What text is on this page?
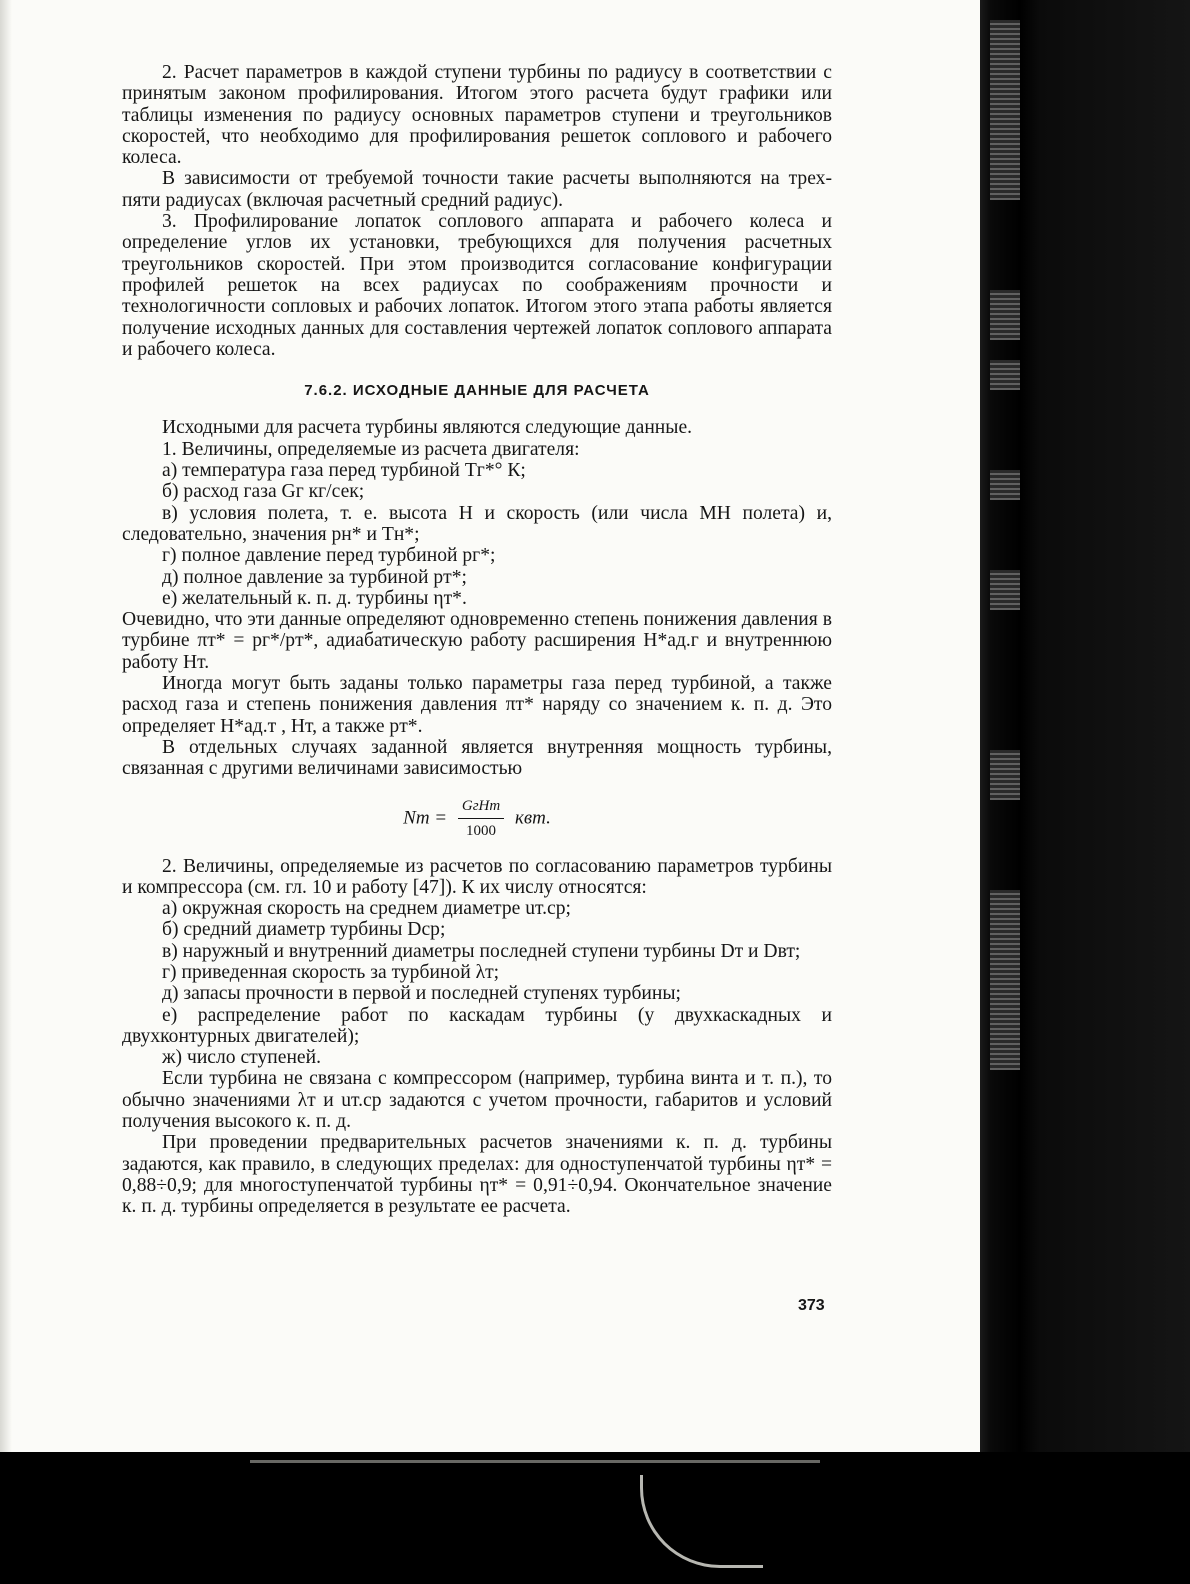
2. Расчет параметров в каждой ступени турбины по радиусу в соответствии с принятым законом профилирования. Итогом этого расчета будут графики или таблицы изменения по радиусу основных параметров ступени и треугольников скоростей, что необходимо для профилирования решеток соплового и рабочего колеса.

В зависимости от требуемой точности такие расчеты выполняются на трех-пяти радиусах (включая расчетный средний радиус).

3. Профилирование лопаток соплового аппарата и рабочего колеса и определение углов их установки, требующихся для получения расчетных треугольников скоростей. При этом производится согласование конфигурации профилей решеток на всех радиусах по соображениям прочности и технологичности сопловых и рабочих лопаток. Итогом этого этапа работы является получение исходных данных для составления чертежей лопаток соплового аппарата и рабочего колеса.

7.6.2. ИСХОДНЫЕ ДАННЫЕ ДЛЯ РАСЧЕТА

Исходными для расчета турбины являются следующие данные.

1. Величины, определяемые из расчета двигателя:

а) температура газа перед турбиной Tг*° К;

б) расход газа Gг кг/сек;

в) условия полета, т. е. высота H и скорость (или числа MH полета) и, следовательно, значения pн* и Tн*;

г) полное давление перед турбиной pг*;

д) полное давление за турбиной pт*;

е) желательный к. п. д. турбины ηт*.

Очевидно, что эти данные определяют одновременно степень понижения давления в турбине πт* = pг*/pт*, адиабатическую работу расширения H*ад.г и внутреннюю работу Hт.

Иногда могут быть заданы только параметры газа перед турбиной, а также расход газа и степень понижения давления πт* наряду со значением к. п. д. Это определяет H*ад.т , Hт, а также pт*.

В отдельных случаях заданной является внутренняя мощность турбины, связанная с другими величинами зависимостью

Nт = $\frac{\text{GгHт}}{1000}$ квт.

2. Величины, определяемые из расчетов по согласованию параметров турбины и компрессора (см. гл. 10 и работу [47]). К их числу относятся:

а) окружная скорость на среднем диаметре uт.ср;

б) средний диаметр турбины Dср;

в) наружный и внутренний диаметры последней ступени турбины Dт и Dвт;

г) приведенная скорость за турбиной λт;

д) запасы прочности в первой и последней ступенях турбины;

е) распределение работ по каскадам турбины (у двухкаскадных и двухконтурных двигателей);

ж) число ступеней.

Если турбина не связана с компрессором (например, турбина винта и т. п.), то обычно значениями λт и uт.ср задаются с учетом прочности, габаритов и условий получения высокого к. п. д.

При проведении предварительных расчетов значениями к. п. д. турбины задаются, как правило, в следующих пределах: для одноступенчатой турбины ηт* = 0,88÷0,9; для многоступенчатой турбины ηт* = 0,91÷0,94. Окончательное значение к. п. д. турбины определяется в результате ее расчета.

373
